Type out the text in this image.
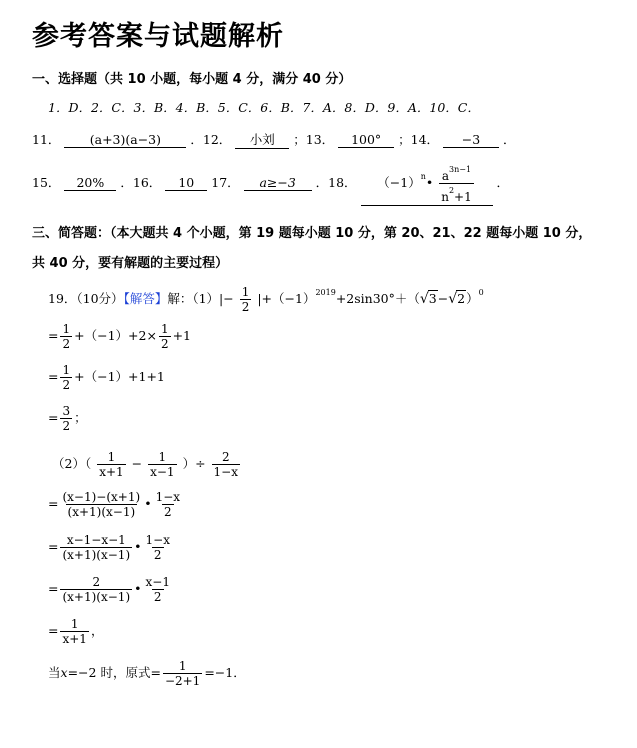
参考答案与试题解析
一、选择题（共 10 小题，每小题 4 分，满分 40 分）
1．D．2．C．3．B．4．B．5．C．6．B．7．A．8．D．9．A．10．C．
11． (a+3)(a−3) ．12． 小刘 ；13． 100° ；14． −3 ．
15． 20% ．16． 10 17． a≥−3 ．18． $(-1)^n• \frac{a^{3n-1}}{n^2+1}$ ．
三、简答题：（本大题共 4 个小题，第 19 题每小题 10 分，第 20、21、22 题每小题 10 分，
共 40 分，要有解题的主要过程）
19．（10分）【解答】解：$(1)|- \frac{1}{2} |+(-1)^{2019}+2\sin 30^\circ+(√3-√2)^0$
= $\frac{1}{2} +(-1)+2\times \frac{1}{2} +1$
= $\frac{1}{2} +(-1)+1+1$
= $\frac{3}{2}$ ；
$(2)( \frac{1}{x+1} - \frac{1}{x-1}$ ）÷ $\frac{2}{1-x}$
= $\frac{(x-1)-(x+1)}{(x+1)(x-1)}$ • $\frac{1-x}{2}$
= $\frac{x-1-x-1}{(x+1)(x-1)}$ • $\frac{1-x}{2}$
= $\frac{2}{(x+1)(x-1)}$ • $\frac{x-1}{2}$
= $\frac{1}{x+1}$ ，
当x=−2 时，原式= $\frac{1}{-2+1} =-1$．
